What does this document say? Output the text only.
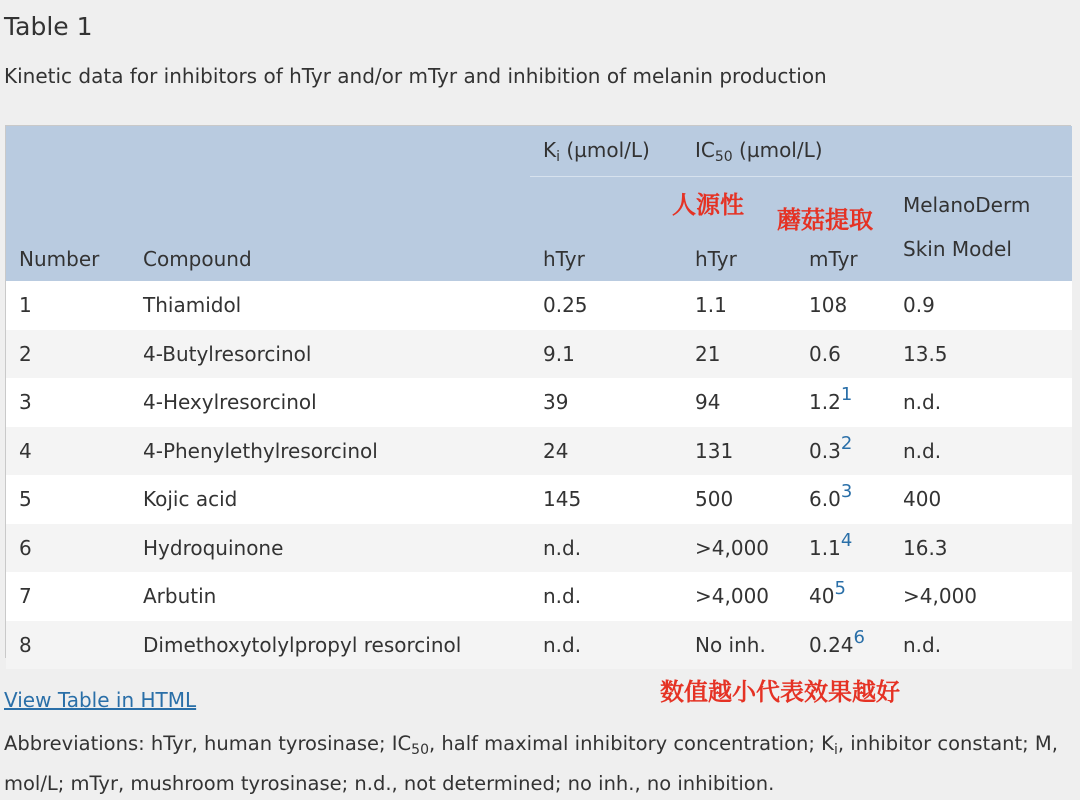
Table 1
Kinetic data for inhibitors of hTyr and/or mTyr and inhibition of melanin production
		$K_i$ (µmol/L)	$IC_{50}$ (µmol/L)		
Number	Compound	hTyr	hTyr	mTyr	MelanoDerm
Skin Model
1	Thiamidol	0.25	1.1	108	0.9
2	4-Butylresorcinol	9.1	21	0.6	13.5
3	4-Hexylresorcinol	39	94	1.21	n.d.
4	4-Phenylethylresorcinol	24	131	0.32	n.d.
5	Kojic acid	145	500	6.03	400
6	Hydroquinone	n.d.	>4,000	1.14	16.3
7	Arbutin	n.d.	>4,000	405	>4,000
8	Dimethoxytolylpropyl resorcinol	n.d.	No inh.	0.246	n.d.
人源性
蘑菇提取
数值越小代表效果越好
View Table in HTML
Abbreviations: hTyr, human tyrosinase; $IC_{50}$, half maximal inhibitory concentration; $K_i$, inhibitor constant; M, mol/L; mTyr, mushroom tyrosinase; n.d., not determined; no inh., no inhibition.
